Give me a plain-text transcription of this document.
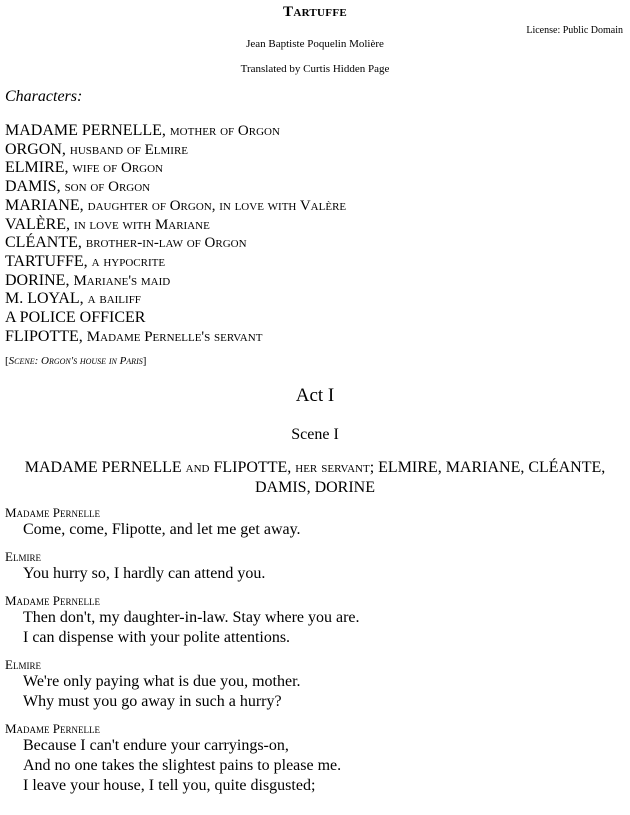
Tartuffe
License: Public Domain
Jean Baptiste Poquelin Molière
Translated by Curtis Hidden Page
Characters:
MADAME PERNELLE, mother of Orgon
ORGON, husband of Elmire
ELMIRE, wife of Orgon
DAMIS, son of Orgon
MARIANE, daughter of Orgon, in love with Valère
VALÈRE, in love with Mariane
CLÉANTE, brother-in-law of Orgon
TARTUFFE, a hypocrite
DORINE, Mariane's maid
M. LOYAL, a bailiff
A POLICE OFFICER
FLIPOTTE, Madame Pernelle's servant
[Scene: Orgon's house in Paris]
Act I
Scene I
MADAME PERNELLE and FLIPOTTE, her servant; ELMIRE, MARIANE, CLÉANTE, DAMIS, DORINE
Madame Pernelle
Come, come, Flipotte, and let me get away.
Elmire
You hurry so, I hardly can attend you.
Madame Pernelle
Then don't, my daughter-in-law. Stay where you are.
I can dispense with your polite attentions.
Elmire
We're only paying what is due you, mother.
Why must you go away in such a hurry?
Madame Pernelle
Because I can't endure your carryings-on,
And no one takes the slightest pains to please me.
I leave your house, I tell you, quite disgusted;
